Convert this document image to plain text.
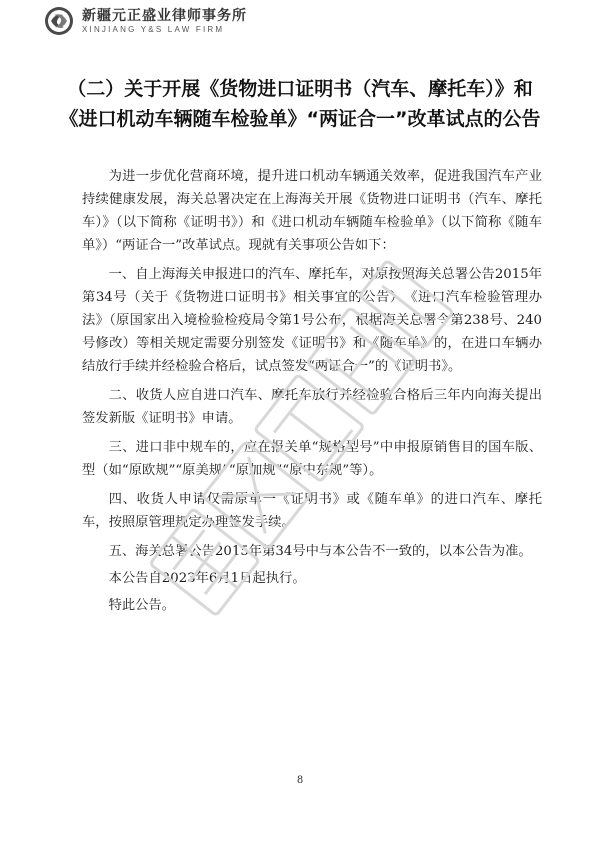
新疆元正盛业律师事务所
XINJIANG Y&S LAW FIRM
（二）关于开展《货物进口证明书（汽车、摩托车）》和
《进口机动车辆随车检验单》“两证合一”改革试点的公告

为进一步优化营商环境，提升进口机动车辆通关效率，促进我国汽车产业持续健康发展，海关总署决定在上海海关开展《货物进口证明书（汽车、摩托车）》（以下简称《证明书》）和《进口机动车辆随车检验单》（以下简称《随车单》）“两证合一”改革试点。现就有关事项公告如下：

一、自上海海关申报进口的汽车、摩托车，对原按照海关总署公告2015年第34号（关于《货物进口证明书》相关事宜的公告）、《进口汽车检验管理办法》（原国家出入境检验检疫局令第1号公布，根据海关总署令第238号、240号修改）等相关规定需要分别签发《证明书》和《随车单》的，在进口车辆办结放行手续并经检验合格后，试点签发“两证合一”的《证明书》。

二、收货人应自进口汽车、摩托车放行并经检验合格后三年内向海关提出签发新版《证明书》申请。

三、进口非中规车的，应在报关单“规格型号”中申报原销售目的国车版、型（如“原欧规”“原美规”“原加规”“原中东规”等）。

四、收货人申请仅需原单一《证明书》或《随车单》的进口汽车、摩托车，按照原管理规定办理签发手续。

五、海关总署公告2015年第34号中与本公告不一致的，以本公告为准。

本公告自2023年6月1日起执行。

特此公告。

8
